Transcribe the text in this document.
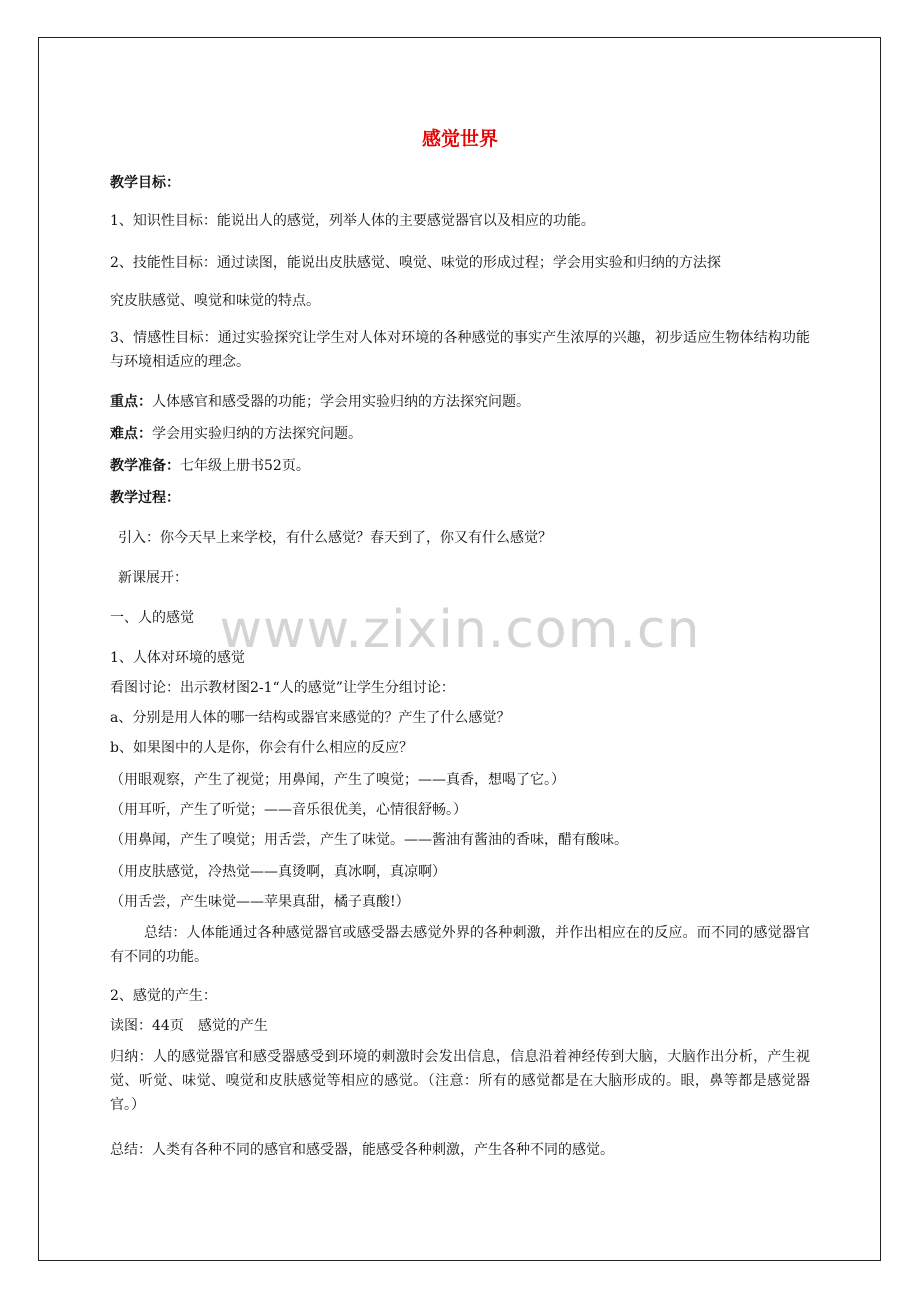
www.zixin.com.cn
感觉世界
教学目标：
1、知识性目标：能说出人的感觉，列举人体的主要感觉器官以及相应的功能。
2、技能性目标：通过读图，能说出皮肤感觉、嗅觉、味觉的形成过程；学会用实验和归纳的方法探
究皮肤感觉、嗅觉和味觉的特点。
3、情感性目标：通过实验探究让学生对人体对环境的各种感觉的事实产生浓厚的兴趣，初步适应生物体结构功能与环境相适应的理念。
重点：人体感官和感受器的功能；学会用实验归纳的方法探究问题。
难点：学会用实验归纳的方法探究问题。
教学准备：七年级上册书52页。
教学过程：
引入：你今天早上来学校，有什么感觉？春天到了，你又有什么感觉？
新课展开：
一、人的感觉
1、人体对环境的感觉
看图讨论：出示教材图2-1“人的感觉”让学生分组讨论：
a、分别是用人体的哪一结构或器官来感觉的？产生了什么感觉？
b、如果图中的人是你，你会有什么相应的反应？
（用眼观察，产生了视觉；用鼻闻，产生了嗅觉；——真香，想喝了它。）
（用耳听，产生了听觉；——音乐很优美，心情很舒畅。）
（用鼻闻，产生了嗅觉；用舌尝，产生了味觉。——酱油有酱油的香味，醋有酸味。
（用皮肤感觉，冷热觉——真烫啊，真冰啊，真凉啊）
（用舌尝，产生味觉——苹果真甜，橘子真酸!）
总结：人体能通过各种感觉器官或感受器去感觉外界的各种刺激，并作出相应在的反应。而不同的感觉器官有不同的功能。
2、感觉的产生：
读图：44页　感觉的产生
归纳：人的感觉器官和感受器感受到环境的刺激时会发出信息，信息沿着神经传到大脑，大脑作出分析，产生视觉、听觉、味觉、嗅觉和皮肤感觉等相应的感觉。（注意：所有的感觉都是在大脑形成的。眼，鼻等都是感觉器官。）
总结：人类有各种不同的感官和感受器，能感受各种刺激，产生各种不同的感觉。
